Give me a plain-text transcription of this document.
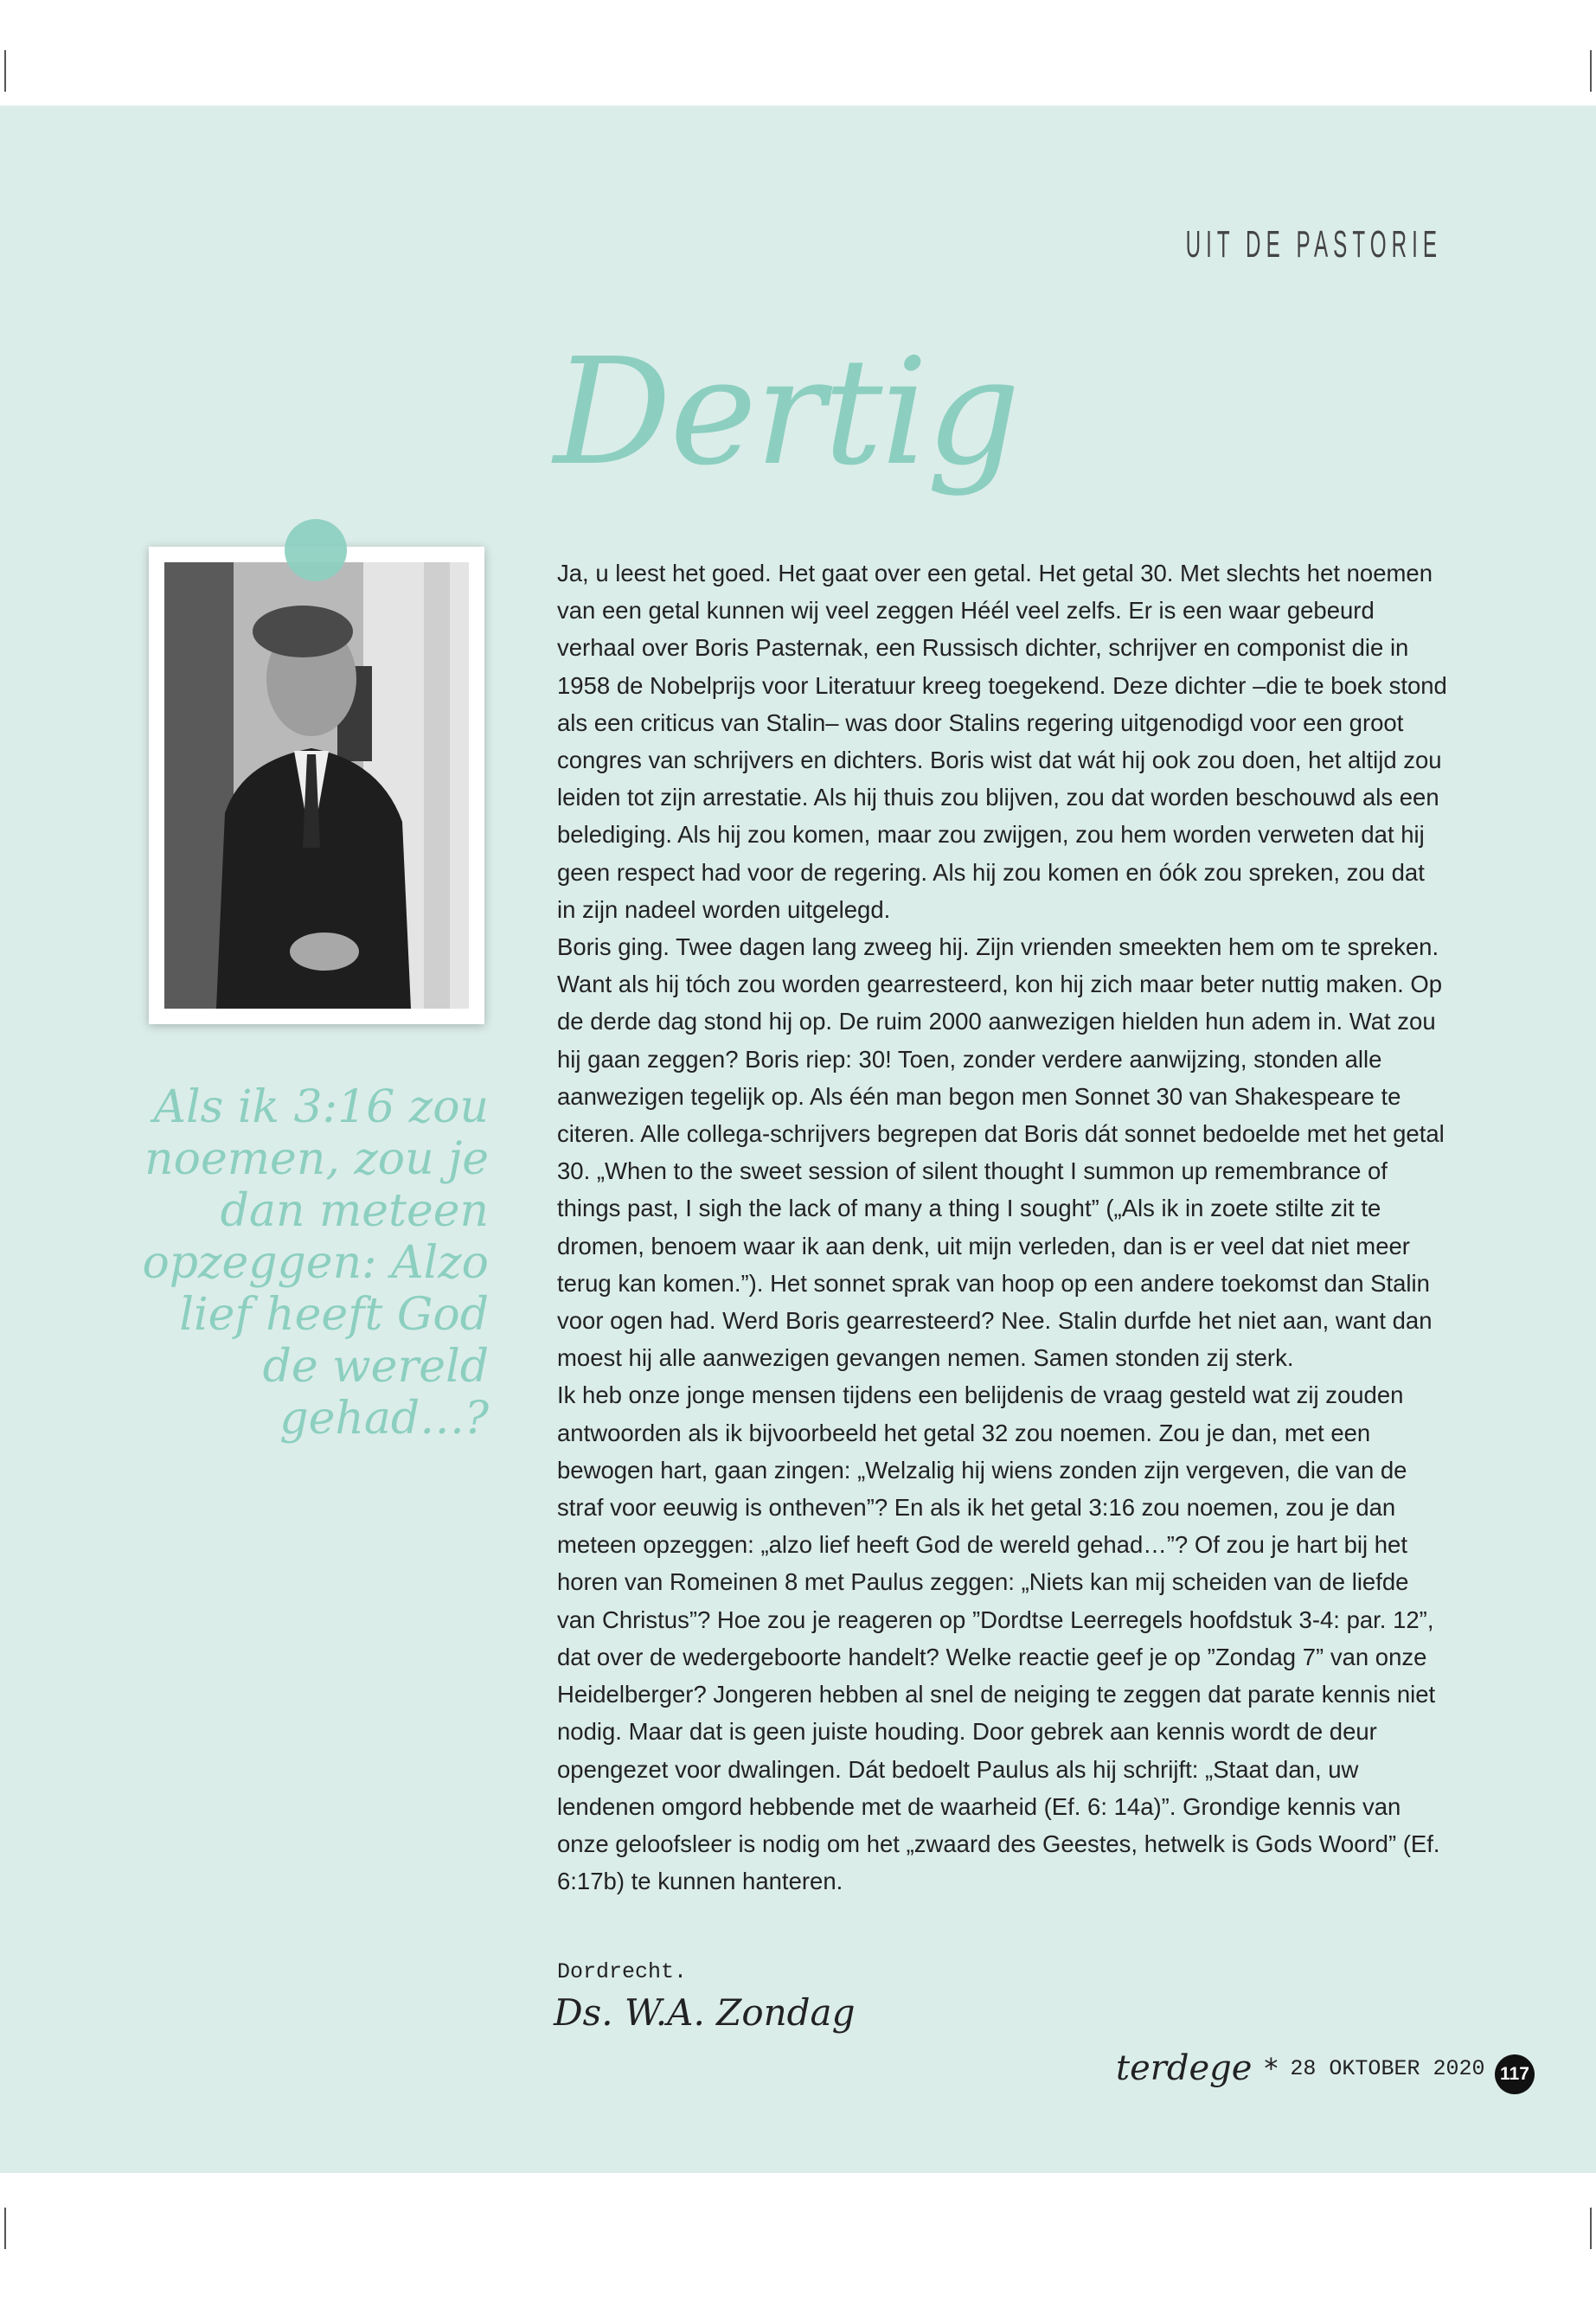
UIT DE PASTORIE
Dertig
Als ik 3:16 zou noemen, zou je dan meteen opzeggen: Alzo lief heeft God de wereld gehad…?

Ja, u leest het goed. Het gaat over een getal. Het getal 30. Met slechts het noemen van een getal kunnen wij veel zeggen Héél veel zelfs. Er is een waar gebeurd verhaal over Boris Pasternak, een Russisch dichter, schrijver en componist die in 1958 de Nobelprijs voor Literatuur kreeg toegekend. Deze dichter –die te boek stond als een criticus van Stalin– was door Stalins regering uitgenodigd voor een groot congres van schrijvers en dichters. Boris wist dat wát hij ook zou doen, het altijd zou leiden tot zijn arrestatie. Als hij thuis zou blijven, zou dat worden beschouwd als een belediging. Als hij zou komen, maar zou zwijgen, zou hem worden verweten dat hij geen respect had voor de regering. Als hij zou komen en óók zou spreken, zou dat in zijn nadeel worden uitgelegd.

Boris ging. Twee dagen lang zweeg hij. Zijn vrienden smeekten hem om te spreken. Want als hij tóch zou worden gearresteerd, kon hij zich maar beter nuttig maken. Op de derde dag stond hij op. De ruim 2000 aanwezigen hielden hun adem in. Wat zou hij gaan zeggen? Boris riep: 30! Toen, zonder verdere aanwijzing, stonden alle aanwezigen tegelijk op. Als één man begon men Sonnet 30 van Shakespeare te citeren. Alle collega-schrijvers begrepen dat Boris dát sonnet bedoelde met het getal 30. „When to the sweet session of silent thought I summon up remembrance of things past, I sigh the lack of many a thing I sought” („Als ik in zoete stilte zit te dromen, benoem waar ik aan denk, uit mijn verleden, dan is er veel dat niet meer terug kan komen.”). Het sonnet sprak van hoop op een andere toekomst dan Stalin voor ogen had. Werd Boris gearresteerd? Nee. Stalin durfde het niet aan, want dan moest hij alle aanwezigen gevangen nemen. Samen stonden zij sterk.

Ik heb onze jonge mensen tijdens een belijdenis de vraag gesteld wat zij zouden antwoorden als ik bijvoorbeeld het getal 32 zou noemen. Zou je dan, met een bewogen hart, gaan zingen: „Welzalig hij wiens zonden zijn vergeven, die van de straf voor eeuwig is ontheven”? En als ik het getal 3:16 zou noemen, zou je dan meteen opzeggen: „alzo lief heeft God de wereld gehad…”? Of zou je hart bij het horen van Romeinen 8 met Paulus zeggen: „Niets kan mij scheiden van de liefde van Christus”? Hoe zou je reageren op ”Dordtse Leerregels hoofdstuk 3-4: par. 12”, dat over de wedergeboorte handelt? Welke reactie geef je op ”Zondag 7” van onze Heidelberger? Jongeren hebben al snel de neiging te zeggen dat parate kennis niet nodig. Maar dat is geen juiste houding. Door gebrek aan kennis wordt de deur opengezet voor dwalingen. Dát bedoelt Paulus als hij schrijft: „Staat dan, uw lendenen omgord hebbende met de waarheid (Ef. 6: 14a)”. Grondige kennis van onze geloofsleer is nodig om het „zwaard des Geestes, hetwelk is Gods Woord” (Ef. 6:17b) te kunnen hanteren.

Dordrecht.
Ds. W.A. Zondag
terdege * 28 OKTOBER 2020 117
